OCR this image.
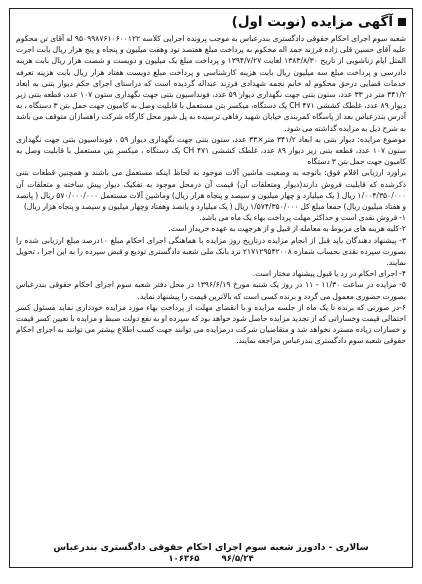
آگهی مزایده (نوبت اول)

شعبه سوم اجرای احکام حقوقی دادگستری بندرعباس به موجب پرونده اجرایی کلاسه ۹۵۰۹۹۸۷۶۱۰۶۰۰۱۲۲ له آقای تن محکوم علیه آقای حسین قلی زاده فرزند حمد اله محکوم به پرداخت مبلغ هفتصد نود وهفت میلیون و پنجاه و پنج هزار ریال بابت اجرت المثل ایام زناشویی از تاریخ ۱۳۸۳/۸/۳۰ لغایت ۱۳۹۴/۷/۲۷ و پرداخت مبلغ یک میلیون و دویست و شصت هزار ریال بابت هزینه دادرسی و پرداخت مبلغ سه میلیون ریال بابت هزینه کارشناسی و پرداخت مبلغ دویست هفتاد هزار ریال بابت هزینه تعرفه خدمات قضایی درحق محکوم له خانم نجمه شهدادی فرزند عبداله گردیده است که دراستای اجرای حکم دیوار بتنی به ابعاد ۳۴۱/۲ متر در ۳۳ عدد، ستون بتنی جهت نگهداری دیوار ۵۹ عدد، فونداسیون بتنی جهت نگهداری ستون ۱۰۷ عدد، قطعه بتنی زیر دیوار ۸۹ عدد، غلطک کششی CH ۴۷۱ یک دستگاه، میکسر بتن مستعمل با قابلیت وصل به کامیون جهت حمل بتن ۳ دستگاه ، به آدرس بندرعباس بعد از پاسگاه کمربندی خیابان شهید رفاهی نرسیده به پل شور محل کارگاه شرکت راهسازان متوقف می باشد به شرح ذیل به مزایده گذاشته می شود.

موضوع مزایده: دیوار بتنی به ابعاد ۳۴۱/۲ متر×۳۳ عدد، ستون بتنی جهت نگهداری دیوار ۵۹ ، فونداسیون بتنی جهت نگهداری ستون ۱۰۷ عدد، قطعه بتنی زیر دیوار ۸۹ عدد، غلطک کششی CH ۴۷۱ یک دستگاه ، میکسر بتن مستعمل با قابلیت وصل به کامیون جهت حمل بتن ۳ دستگاه

براورد ارزیابی اقلام فوق: باتوجه به وضعیت ماشین آلات موجود به لحاظ اینکه مستعمل می باشند و همچنین قطعات بتنی ذکرشده که قابلیت فروش دارند(دیوار ومتعلقات آن) قیمت آن درمحل موجود به تفکیک دیوار پیش ساخته و متعلقات آن ۱/۰۰۴/۳۵۰/۰۰۰ ریال ( یک میلیارد و چهار میلیون و سیصد و پنجاه هزار ریال) وماشین آلات مستعمل ۵۷۰/۰۰۰/۰۰۰ ریال ( پانصد و هفتاد میلیون ریال) جمعا مبلغ کل ۱/۵۷۴/۳۵۰/۰۰۰ ریال ( یک میلیارد و پانصد وهفتاد وچهار میلیون و سیصد و پنجاه هزار ریال)

۱- فروش نقدی است و حداکثر مهلت پرداخت بهاء یک ماه می باشد.

۲-کلیه هزینه های مربوط به معامله از قبیل و از هرجهت به عهده خریدار است.

۳- پیشنهاد دهندگان باید قبل از انجام مزایده درتاریخ روز مزایده با هماهنگی اجرای احکام مبلغ ۱۰درصد مبلغ ارزیابی شده را بصورت سپرده نقدی بحساب شماره ۲۱۷۱۲۹۵۴۲۰۰۸ نزد بانک ملی شعبه دادگستری تودیع و قبض سپرده را به این اجرا ، تحویل نمایند.

۴- اجرای احکام در رد یا قبول پیشنهاد مختار است.

۵- مزایده در ساعت ۱۱/۳۰ - ۱۱ در روز یک شنبه مورخ ۱۳۹۶/۶/۱۹ در محل دفتر شعبه سوم اجرای احکام حقوقی بندرعباس بصورت حضوری معمول می گردد و برنده کسی است که بالاترین قیمت را پیشنهاد نماید.

۶-در صورتی که برنده تا یک ماه از جلسه مزایده و با انقضای مهلت از پرداخت بهاء مورد مزایده خودداری نماید مسئول کسر احتمالی قیمت وخساراتی که از تجدید مزایده حاصل شود خواهد بود که سپرده او به نفع دولت ضبط و مزایده با تعیین کسر قیمت و خسارات زیاده مسترد نخواهد شد و متقاضیان شرکت درمزایده می توانند جهت کسب اطلاع بیشتر می توانند به اجرای احکام حقوقی شعبه سوم دادگستری بندرعباس مراجعه نمایند.

سالاری - دادورز شعبه سوم اجرای احکام حقوقی دادگستری بندرعباس
۹۶/۵/۲۴
۱۰۶۳۶۵
